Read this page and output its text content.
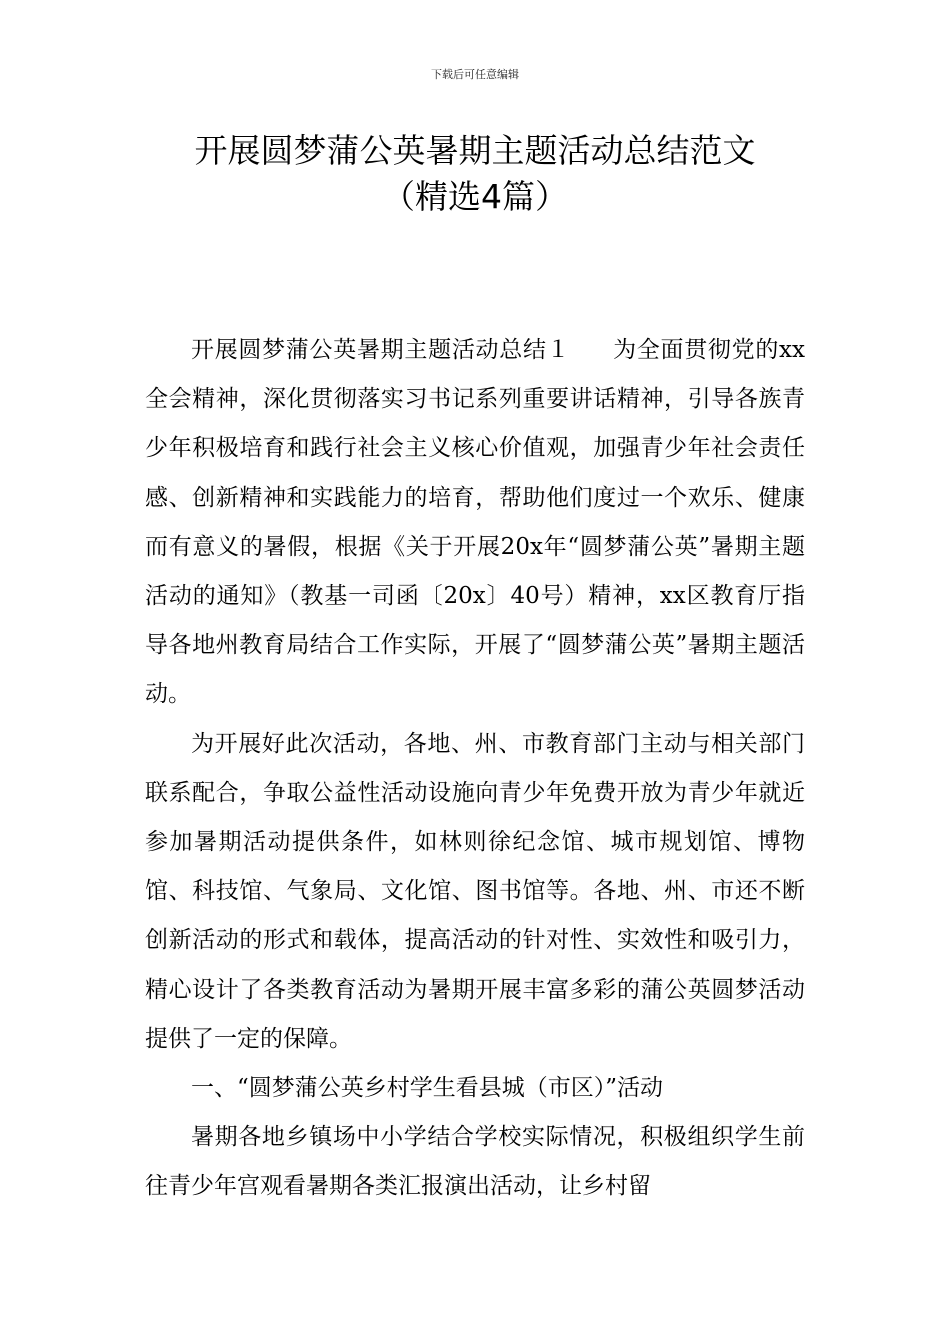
下载后可任意编辑
开展圆梦蒲公英暑期主题活动总结范文
（精选4篇）

开展圆梦蒲公英暑期主题活动总结１ 为全面贯彻党的xx全会精神，深化贯彻落实习书记系列重要讲话精神，引导各族青少年积极培育和践行社会主义核心价值观，加强青少年社会责任感、创新精神和实践能力的培育，帮助他们度过一个欢乐、健康而有意义的暑假，根据《关于开展20x年“圆梦蒲公英”暑期主题活动的通知》（教基一司函〔20x〕40号）精神，xx区教育厅指导各地州教育局结合工作实际，开展了“圆梦蒲公英”暑期主题活动。

为开展好此次活动，各地、州、市教育部门主动与相关部门联系配合，争取公益性活动设施向青少年免费开放为青少年就近参加暑期活动提供条件，如林则徐纪念馆、城市规划馆、博物馆、科技馆、气象局、文化馆、图书馆等。各地、州、市还不断创新活动的形式和载体，提高活动的针对性、实效性和吸引力，精心设计了各类教育活动为暑期开展丰富多彩的蒲公英圆梦活动提供了一定的保障。

一、“圆梦蒲公英乡村学生看县城（市区）”活动

暑期各地乡镇场中小学结合学校实际情况，积极组织学生前往青少年宫观看暑期各类汇报演出活动，让乡村留
